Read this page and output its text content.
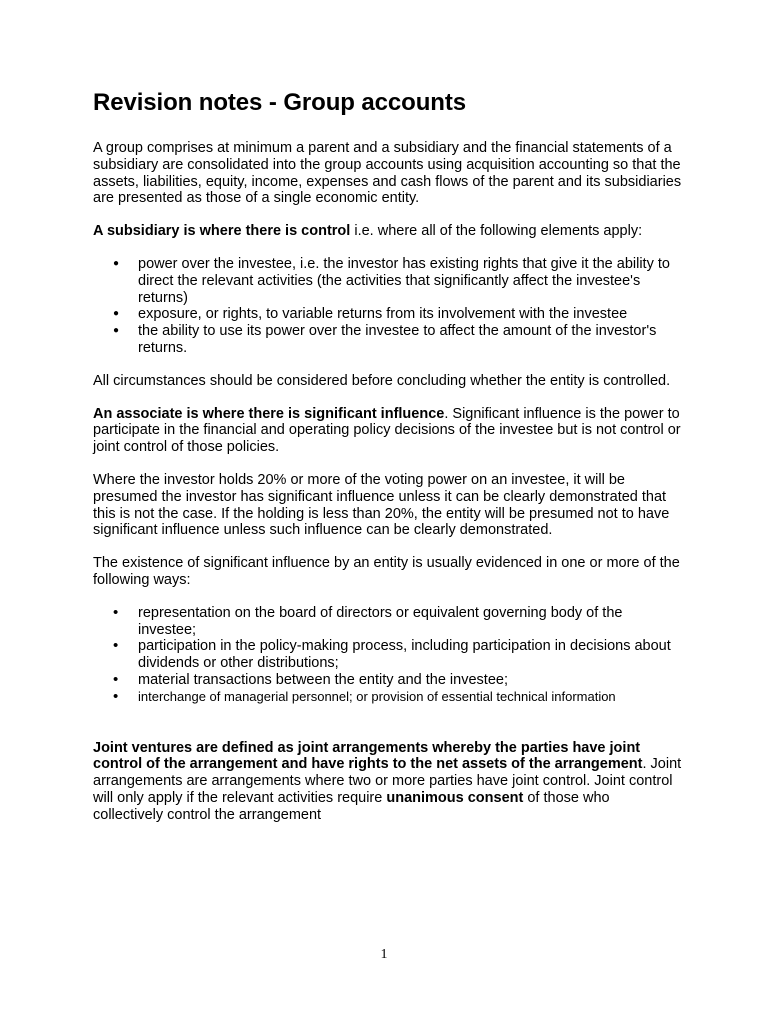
Revision notes - Group accounts

A group comprises at minimum a parent and a subsidiary and the financial statements of a subsidiary are consolidated into the group accounts using acquisition accounting so that the assets, liabilities, equity, income, expenses and cash flows of the parent and its subsidiaries are presented as those of a single economic entity.

A subsidiary is where there is control i.e. where all of the following elements apply:

● power over the investee, i.e. the investor has existing rights that give it the ability to direct the relevant activities (the activities that significantly affect the investee's returns)
● exposure, or rights, to variable returns from its involvement with the investee
● the ability to use its power over the investee to affect the amount of the investor's returns.

All circumstances should be considered before concluding whether the entity is controlled.

An associate is where there is significant influence. Significant influence is the power to participate in the financial and operating policy decisions of the investee but is not control or joint control of those policies.

Where the investor holds 20% or more of the voting power on an investee, it will be presumed the investor has significant influence unless it can be clearly demonstrated that this is not the case. If the holding is less than 20%, the entity will be presumed not to have significant influence unless such influence can be clearly demonstrated.

The existence of significant influence by an entity is usually evidenced in one or more of the following ways:

• representation on the board of directors or equivalent governing body of the investee;
• participation in the policy-making process, including participation in decisions about dividends or other distributions;
• material transactions between the entity and the investee;
• interchange of managerial personnel; or provision of essential technical information

Joint ventures are defined as joint arrangements whereby the parties have joint control of the arrangement and have rights to the net assets of the arrangement. Joint arrangements are arrangements where two or more parties have joint control. Joint control will only apply if the relevant activities require unanimous consent of those who collectively control the arrangement

1
